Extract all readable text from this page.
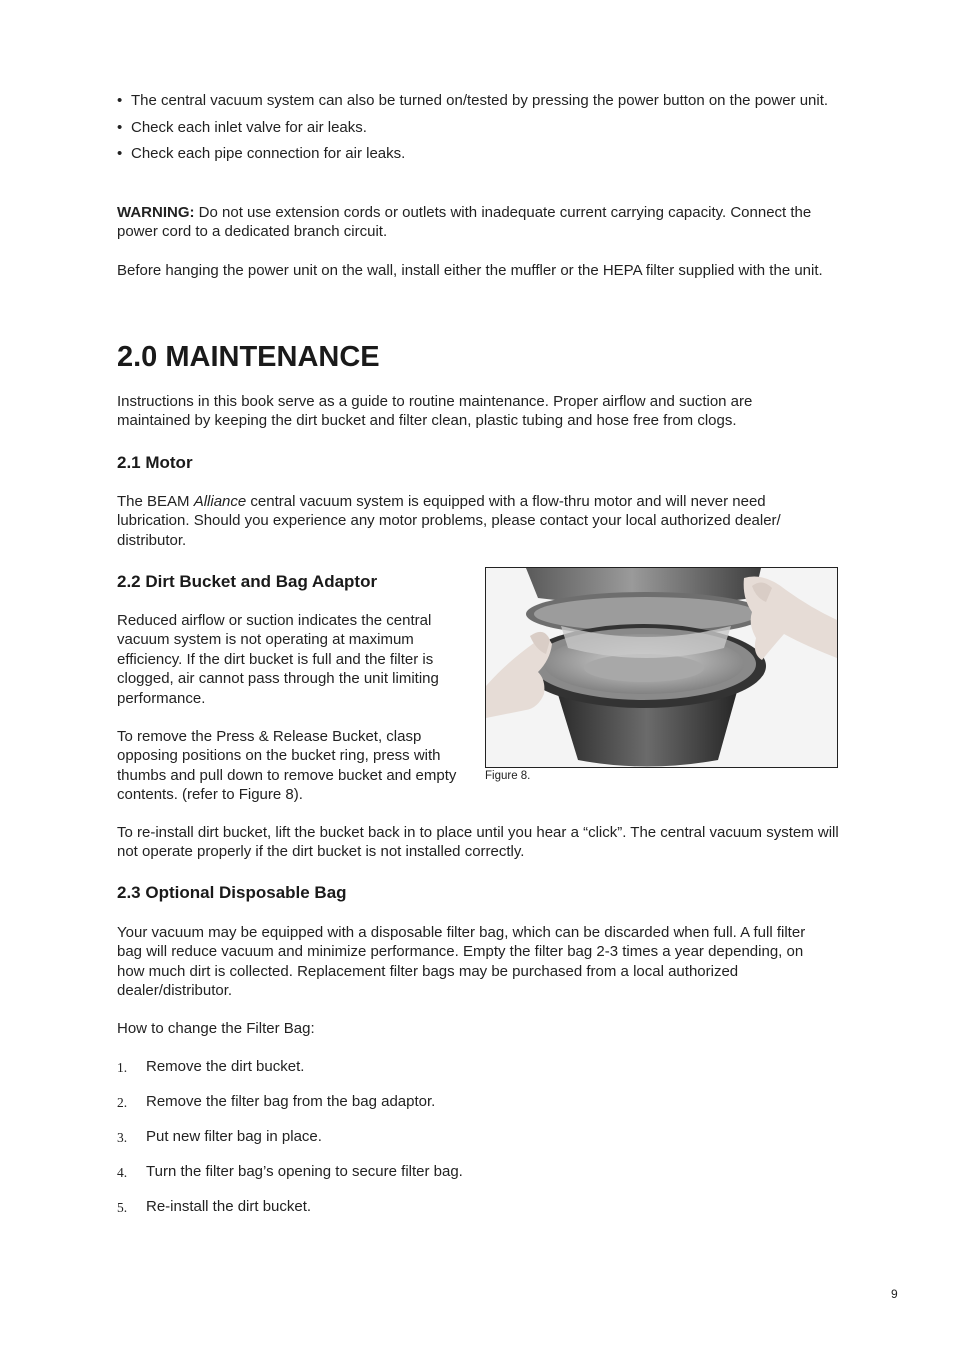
• The central vacuum system can also be turned on/tested by pressing the power button on the power unit.
• Check each inlet valve for air leaks.
• Check each pipe connection for air leaks.

WARNING: Do not use extension cords or outlets with inadequate current carrying capacity. Connect the power cord to a dedicated branch circuit.

Before hanging the power unit on the wall, install either the muffler or the HEPA filter supplied with the unit.

2.0 MAINTENANCE

Instructions in this book serve as a guide to routine maintenance. Proper airflow and suction are maintained by keeping the dirt bucket and filter clean, plastic tubing and hose free from clogs.

2.1 Motor

The BEAM Alliance central vacuum system is equipped with a flow-thru motor and will never need lubrication. Should you experience any motor problems, please contact your local authorized dealer/ distributor.

2.2 Dirt Bucket and Bag Adaptor

Reduced airflow or suction indicates the central vacuum system is not operating at maximum efficiency. If the dirt bucket is full and the filter is clogged, air cannot pass through the unit limiting performance.

To remove the Press & Release Bucket, clasp opposing positions on the bucket ring, press with thumbs and pull down to remove bucket and empty contents. (refer to Figure 8).

Figure 8.

To re-install dirt bucket, lift the bucket back in to place until you hear a “click”. The central vacuum system will not operate properly if the dirt bucket is not installed correctly.

2.3 Optional Disposable Bag

Your vacuum may be equipped with a disposable filter bag, which can be discarded when full. A full filter bag will reduce vacuum and minimize performance. Empty the filter bag 2-3 times a year depending, on how much dirt is collected. Replacement filter bags may be purchased from a local authorized dealer/distributor.

How to change the Filter Bag:

1. Remove the dirt bucket.
2. Remove the filter bag from the bag adaptor.
3. Put new filter bag in place.
4. Turn the filter bag’s opening to secure filter bag.
5. Re-install the dirt bucket.
9
